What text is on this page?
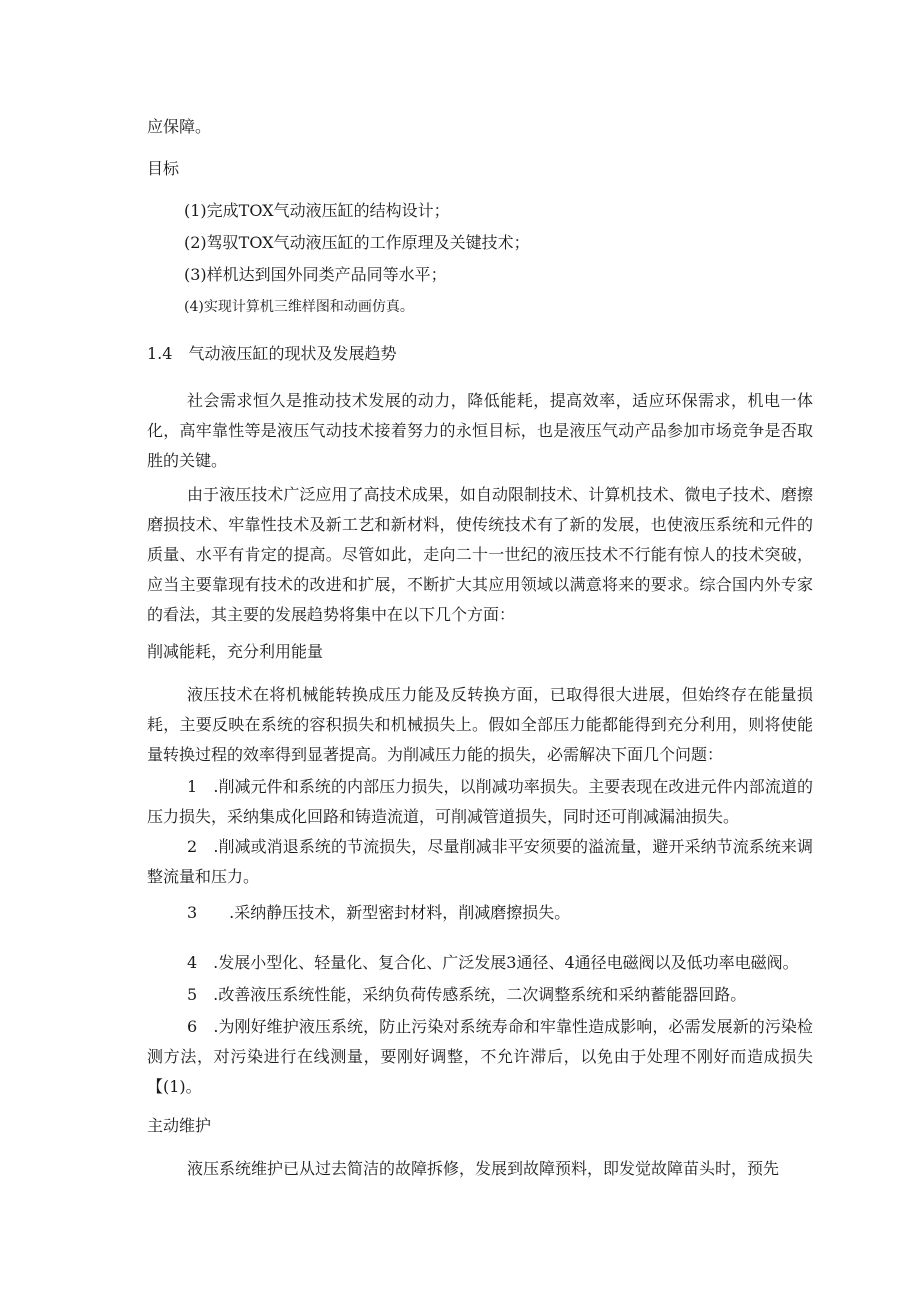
应保障。
目标
(1)完成TOX气动液压缸的结构设计；
(2)驾驭TOX气动液压缸的工作原理及关键技术；
(3)样机达到国外同类产品同等水平；
(4)实现计算机三维样图和动画仿真。
1.4　气动液压缸的现状及发展趋势
社会需求恒久是推动技术发展的动力，降低能耗，提高效率，适应环保需求，机电一体化，高牢靠性等是液压气动技术接着努力的永恒目标，也是液压气动产品参加市场竞争是否取胜的关键。
由于液压技术广泛应用了高技术成果，如自动限制技术、计算机技术、微电子技术、磨擦磨损技术、牢靠性技术及新工艺和新材料，使传统技术有了新的发展，也使液压系统和元件的质量、水平有肯定的提高。尽管如此，走向二十一世纪的液压技术不行能有惊人的技术突破，应当主要靠现有技术的改进和扩展，不断扩大其应用领域以满意将来的要求。综合国内外专家的看法，其主要的发展趋势将集中在以下几个方面：
削减能耗，充分利用能量
液压技术在将机械能转换成压力能及反转换方面，已取得很大进展，但始终存在能量损耗，主要反映在系统的容积损失和机械损失上。假如全部压力能都能得到充分利用，则将使能量转换过程的效率得到显著提高。为削减压力能的损失，必需解决下面几个问题：
1　.削减元件和系统的内部压力损失，以削减功率损失。主要表现在改进元件内部流道的压力损失，采纳集成化回路和铸造流道，可削减管道损失，同时还可削减漏油损失。
2　.削减或消退系统的节流损失，尽量削减非平安须要的溢流量，避开采纳节流系统来调整流量和压力。
3　　.采纳静压技术，新型密封材料，削减磨擦损失。
4　.发展小型化、轻量化、复合化、广泛发展3通径、4通径电磁阀以及低功率电磁阀。
5　.改善液压系统性能，采纳负荷传感系统，二次调整系统和采纳蓄能器回路。
6　.为刚好维护液压系统，防止污染对系统寿命和牢靠性造成影响，必需发展新的污染检测方法，对污染进行在线测量，要刚好调整，不允许滞后，以免由于处理不刚好而造成损失【(1)。
主动维护
液压系统维护已从过去简洁的故障拆修，发展到故障预料，即发觉故障苗头时，预先
